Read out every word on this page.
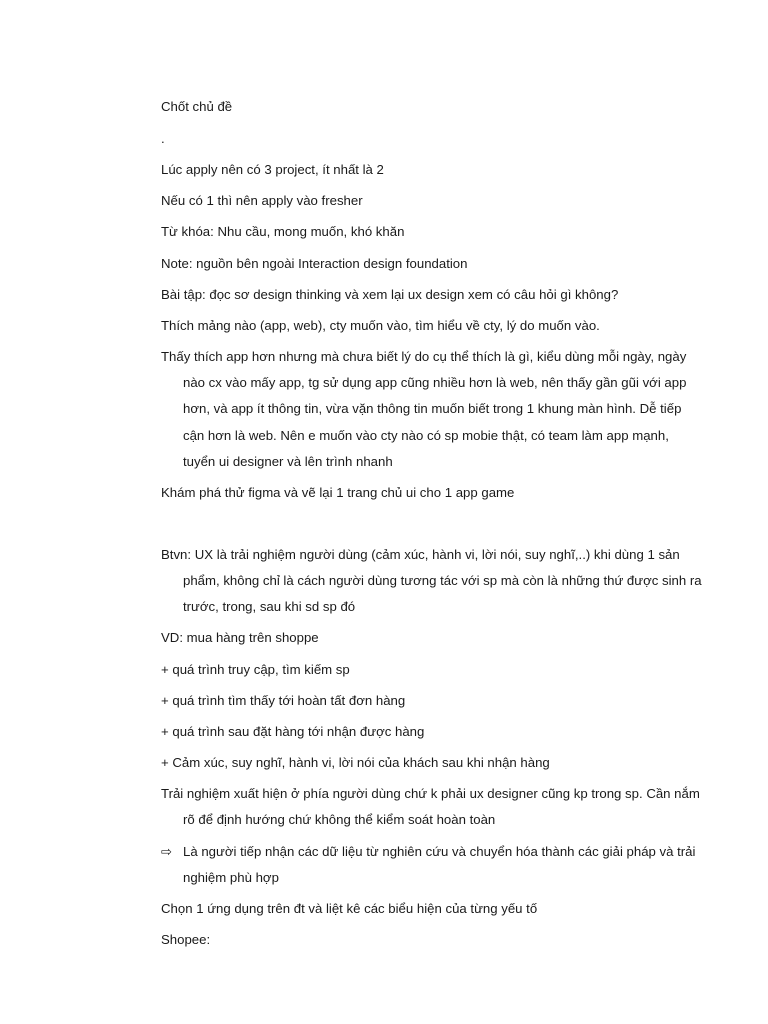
Chốt chủ đề
.
Lúc apply nên có 3 project, ít nhất là 2
Nếu có 1 thì nên apply vào fresher
Từ khóa: Nhu cầu, mong muốn, khó khăn
Note: nguồn bên ngoài Interaction design foundation
Bài tập: đọc sơ design thinking và xem lại ux design xem có câu hỏi gì không?
Thích mảng nào (app, web), cty muốn vào, tìm hiểu về cty, lý do muốn vào.
Thấy thích app hơn nhưng mà chưa biết lý do cụ thể thích là gì, kiểu dùng mỗi ngày, ngày
nào cx vào mấy app, tg sử dụng app cũng nhiều hơn là web, nên thấy gần gũi với app
hơn, và app ít thông tin, vừa vặn thông tin muốn biết trong 1 khung màn hình. Dễ tiếp
cận hơn là web. Nên e muốn vào cty nào có sp mobie thật, có team làm app mạnh,
tuyển ui designer và lên trình nhanh
Khám phá thử figma và vẽ lại 1 trang chủ ui cho 1 app game
Btvn: UX là trải nghiệm người dùng (cảm xúc, hành vi, lời nói, suy nghĩ,..) khi dùng 1 sản
phẩm, không chỉ là cách người dùng tương tác với sp mà còn là những thứ được sinh ra
trước, trong, sau khi sd sp đó
VD: mua hàng trên shoppe
+ quá trình truy cập, tìm kiếm sp
+ quá trình tìm thấy tới hoàn tất đơn hàng
+ quá trình sau đặt hàng tới nhận được hàng
+ Cảm xúc, suy nghĩ, hành vi, lời nói của khách sau khi nhận hàng
Trải nghiệm xuất hiện ở phía người dùng chứ k phải ux designer cũng kp trong sp. Cần nắm
rõ để định hướng chứ không thể kiểm soát hoàn toàn
⇨ Là người tiếp nhận các dữ liệu từ nghiên cứu và chuyển hóa thành các giải pháp và trải
nghiệm phù hợp
Chọn 1 ứng dụng trên đt và liệt kê các biểu hiện của từng yếu tố
Shopee:
